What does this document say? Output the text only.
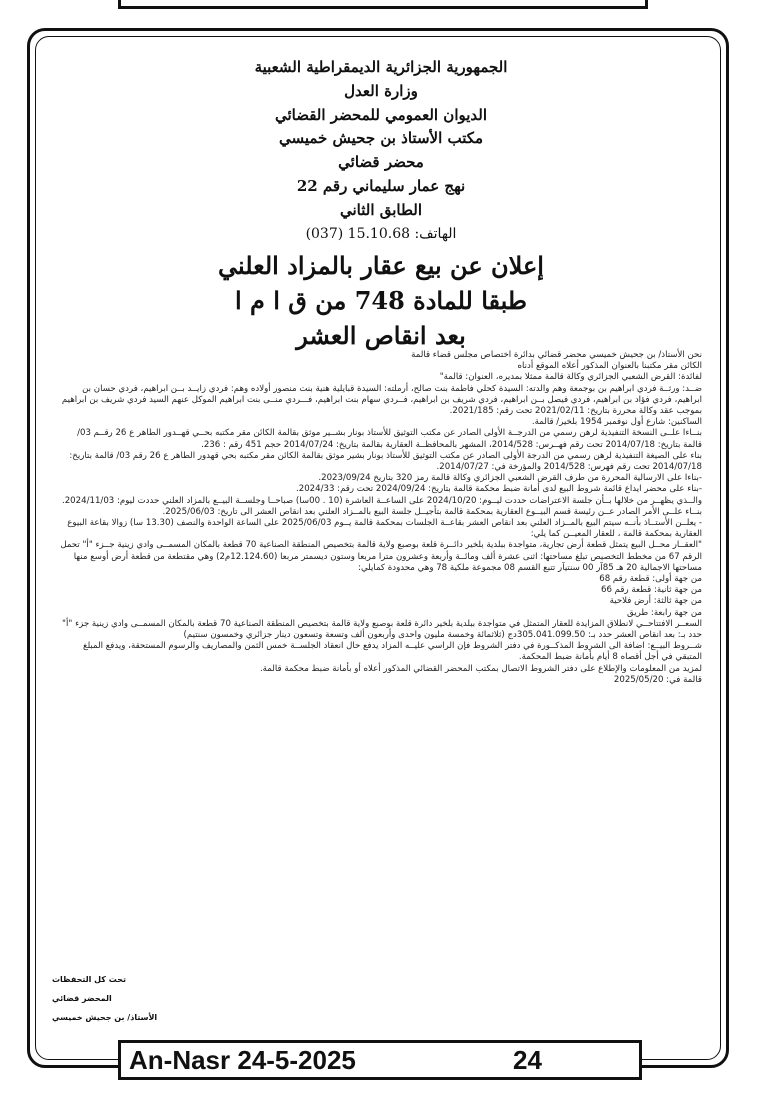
الجمهورية الجزائرية الديمقراطية الشعبية
وزارة العدل
الديوان العمومي للمحضر القضائي
مكتب الأستاذ بن جحيش خميسي
محضر قضائي
نهج عمار سليماني رقم 22
الطابق الثاني
(037) 15.10.68 :الهاتف
إعلان عن بيع عقار بالمزاد العلني
طبقا للمادة 748 من ق ا م ا
بعد انقاص العشر

نحن الأستاذ/ بن جحيش خميسي محضر قضائي بدائرة اختصاص مجلس قضاء قالمة

الكائن مقر مكتبنا بالعنوان المذكور أعلاه الموقع أدناه

لفائدة: القرض الشعبي الجزائري وكالة قالمة ممثلا بمديره، العنوان: قالمة"

ضــد: ورثــة فردي ابراهيم بن بوجمعة وهم والدته: السيدة كحلي فاطمة بنت صالح، أرملته: السيدة قبايلية هنية بنت منصور أولاده وهم: فردي زايــد بــن ابراهيم، فردي حسان بن ابراهيم، فردي فؤاد بن ابراهيم، فردي فيصل بــن ابراهيم، فردي شريف بن ابراهيم، فــردي سهام بنت ابراهيم، فـــردي منــى بنت ابراهيم الموكل عنهم السيد فردي شريف بن ابراهيم بموجب عقد وكالة محررة بتاريخ: 2021/02/11 تحت رقم: 2021/185.

الساكنين: شارع أول نوفمبر 1954 بلخير/ قالمة.

بنــاءا علــى النسخة التنفيذية لرهن رسمي من الدرجــة الأولى الصادر عن مكتب التوثيق للأستاذ بونار بشــير موثق بقالمة الكائن مقر مكتبه بحــي قهــدور الطاهر ع 26 رقــم 03/ قالمة بتاريخ: 2014/07/18 تحت رقم فهــرس: 2014/528، المشهر بالمحافظــة العقارية بقالمة بتاريخ: 2014/07/24 حجم 451 رقم : 236.

بناء على الصيغة التنفيذية لرهن رسمي من الدرجة الأولى الصادر عن مكتب التوثيق للأستاذ بونار بشير موثق بقالمة الكائن مقر مكتبه بحي قهدور الطاهر ع 26 رقم 03/ قالمة بتاريخ: 2014/07/18 تحت رقم فهرس: 2014/528 والمؤرخة في: 2014/07/27.

-بناءا على الارسالية المحررة من طرف القرض الشعبي الجزائري وكالة قالمة رمز 320 بتاريخ 2023/09/24.

-بناء على محضر ايداع قائمة شروط البيع لدى أمانة ضبط محكمة قالمة بتاريخ: 2024/09/24 تحت رقم: 2024/33.

والــذي يظهــر من خلالها بــأن جلسة الاعتراضات حددت ليــوم: 2024/10/20 على الساعــة العاشرة (10 . 00سا) صباحــا وجلســة البيــع بالمزاد العلني حددت ليوم: 2024/11/03.

بنــاء علــى الأمر الصادر عــن رئيسة قسم البيــوع العقارية بمحكمة قالمة بتأجيــل جلسة البيع بالمــزاد العلني بعد انقاص العشر الى تاريخ: 2025/06/03.

- يعلــن الأستــاذ بأنــه سيتم البيع بالمــزاد العلني بعد انقاص العشر بقاعــة الجلسات بمحكمة قالمة يــوم 2025/06/03 على الساعة الواحدة والنصف (13.30 سا) زوالا بقاعة البيوع العقارية بمحكمة قالمة ، للعقار المعيــن كما يلي:

"العقــار محــل البيع يتمثل قطعة أرض تجارية، متواجدة ببلدية بلخير دائــرة قلعة بوصبع ولاية قالمة بتخصيص المنطقة الصناعية 70 قطعة بالمكان المسمــى وادي زينية جــزء "أ" تحمل الرقم 67 من مخطط التخصيص تبلغ مساحتها: اثنى عشرة ألف ومائــة وأربعة وعشرون مترا مربعا وستون ديسمتر مربعا (12.124.60م2) وهي مقتطعة من قطعة أرض أوسع منها مساحتها الاجمالية 20 هـ 85آر 00 سنتيآر تتبع القسم 08 مجموعة ملكية 78 وهي محدودة كمايلي:

من جهة أولى: قطعة رقم 68

من جهة ثانية: قطعة رقم 66

من جهة ثالثة: أرض فلاحية

من جهة رابعة: طريق

السعــر الافتتاحــي لانطلاق المزايدة للعقار المتمثل في متواجدة ببلدية بلخير دائرة قلعة بوصبع ولاية قالمة بتخصيص المنطقة الصناعية 70 قطعة بالمكان المسمــى وادي زينية جزء "أ" حدد بـ: بعد انقاص العشر حدد بـ: 305.041.099.50دج (ثلاثمائة وخمسة مليون واحدى وأربعون ألف وتسعة وتسعون دينار جزائري وخمسون سنتيم)

شــروط البيــع: اضافة الى الشروط المذكــورة في دفتر الشروط فإن الراسي عليــه المزاد يدفع حال انعقاد الجلســة خمس الثمن والمصاريف والرسوم المستحقة، ويدفع المبلغ المتبقي في أجل أقصاه 8 أيام بأمانة ضبط المحكمة.

لمزيد من المعلومات والإطلاع على دفتر الشروط الاتصال بمكتب المحضر القضائي المذكور أعلاه أو بأمانة ضبط محكمة قالمة.

قالمة في: 2025/05/20

تحت كل التحفظات
المحضر قضائي
الأستاذ/ بن جحيش خميسي
An-Nasr 24-5-2025	24
